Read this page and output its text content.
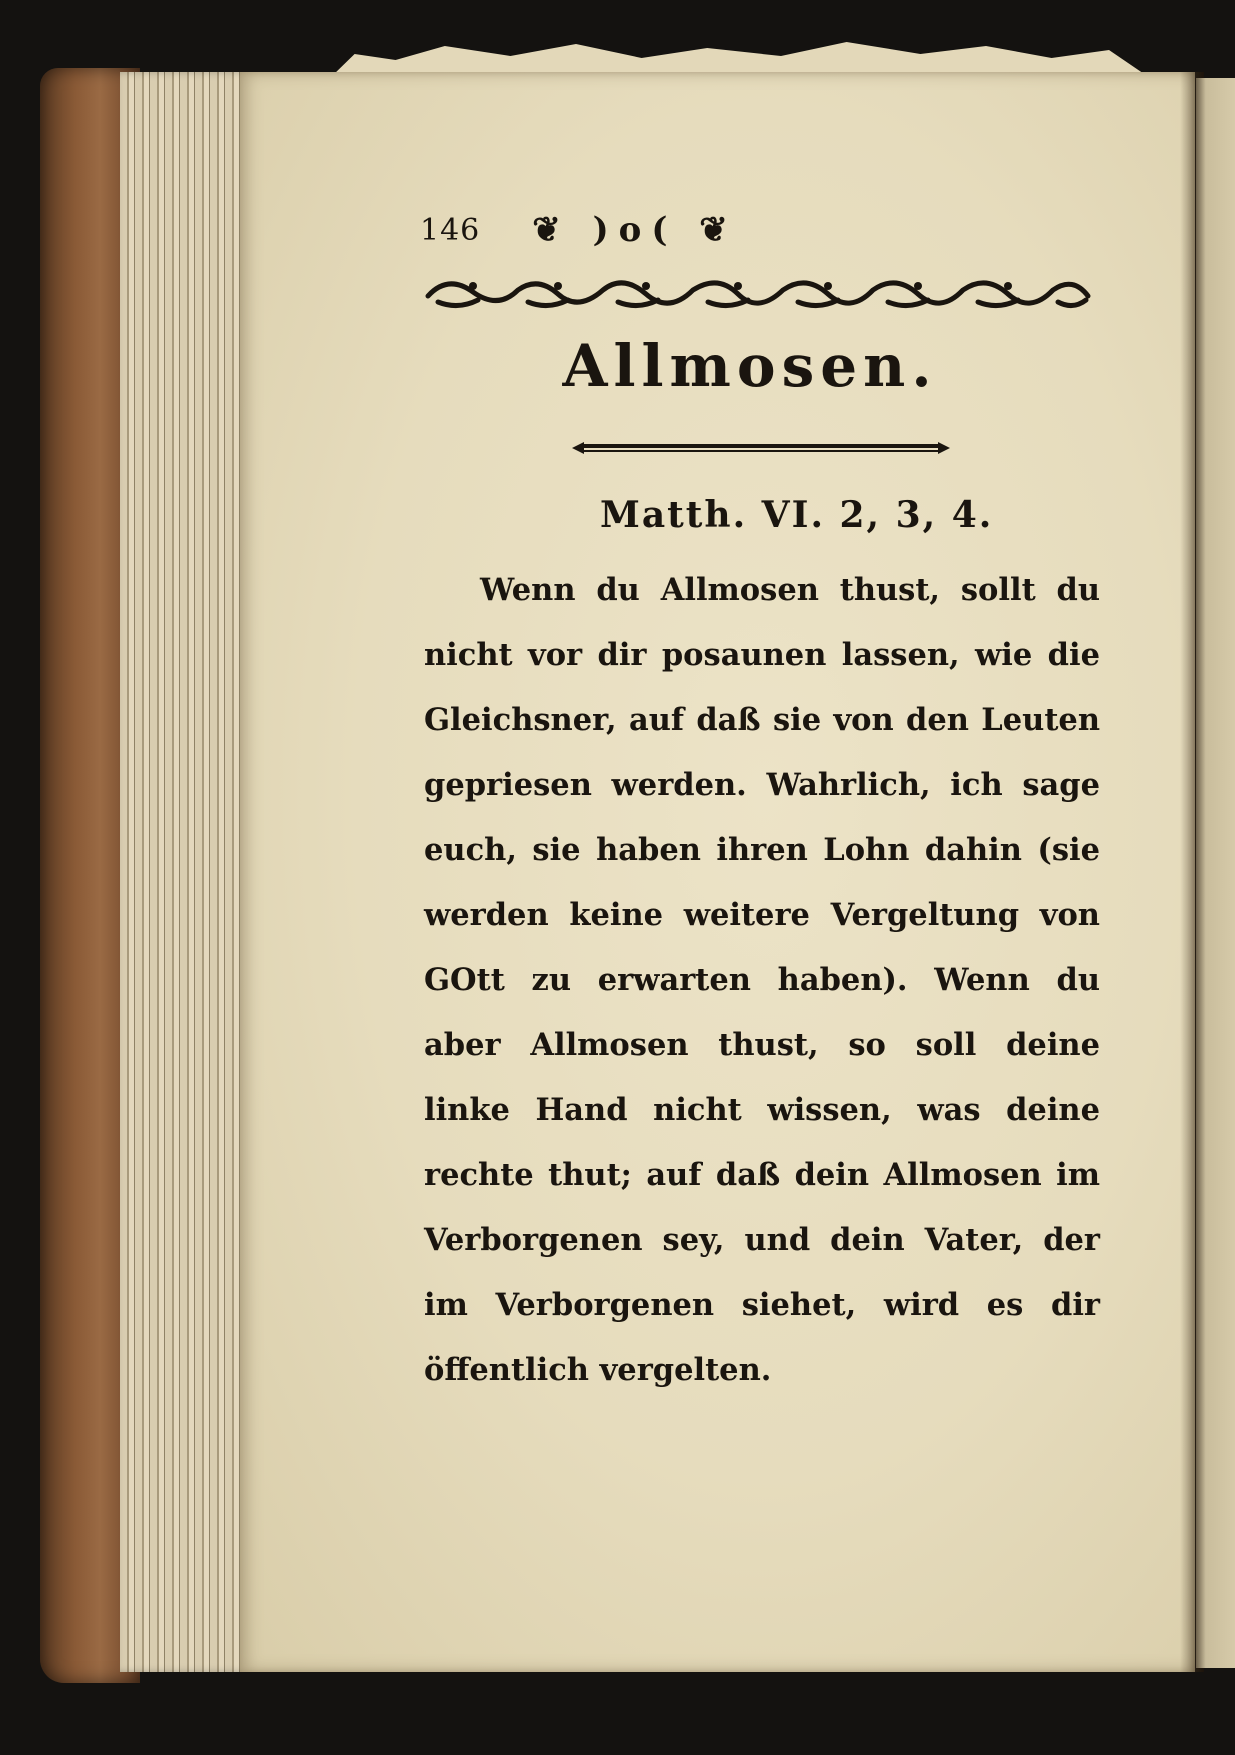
146 ❦ )o( ❦
Allmosen.
Matth. VI. 2, 3, 4.
Wenn du Allmosen thust, sollt du nicht vor dir posaunen lassen, wie die Gleichsner, auf daß sie von den Leuten gepriesen werden. Wahrlich, ich sage euch, sie haben ihren Lohn dahin (sie werden keine weitere Vergeltung von GOtt zu erwarten haben). Wenn du aber Allmosen thust, so soll deine linke Hand nicht wissen, was deine rechte thut; auf daß dein Allmosen im Verborgenen sey, und dein Vater, der im Verborgenen siehet, wird es dir öffentlich vergelten.
